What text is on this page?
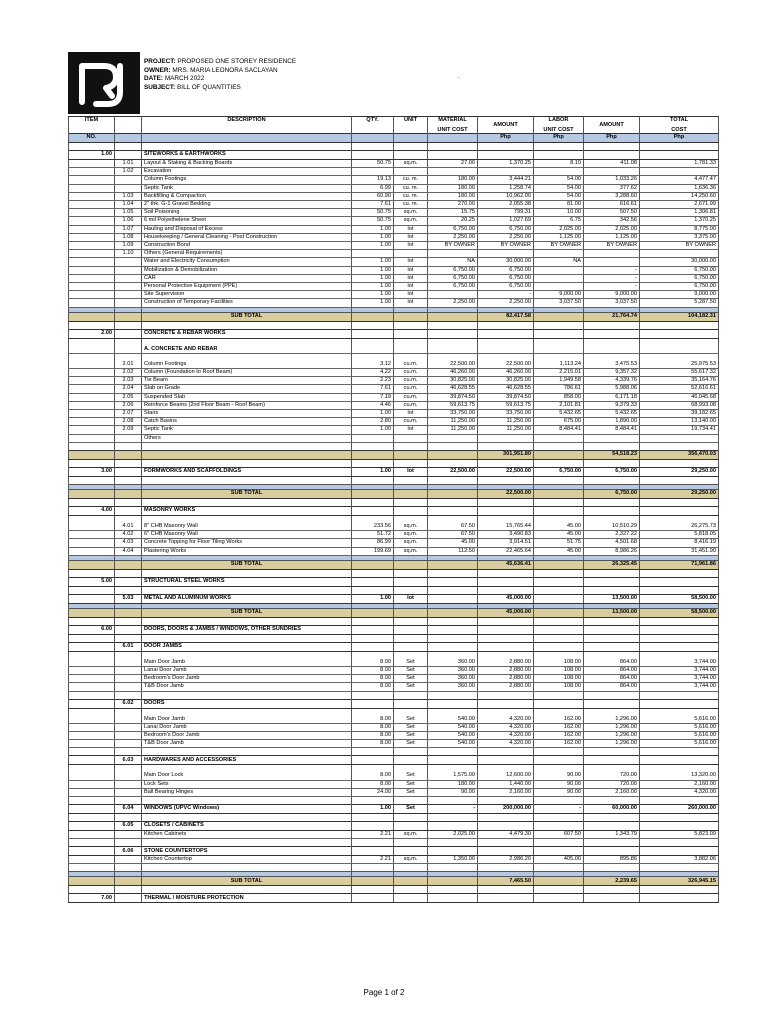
PROJECT: PROPOSED ONE STOREY RESIDENCE
OWNER: MRS. MARIA LEONORA SACLAYAN
DATE: MARCH 2022
SUBJECT: BILL OF QUANTITIES
.
ITEM		DESCRIPTION	QTY.	UNIT	MATERIAL	AMOUNT	LABOR	AMOUNT	TOTAL
					UNIT COST		UNIT COST		COST
NO.						Php	Php	Php	Php

1.00		SITEWORKS & EARTHWORKS							
	1.01	Layout & Staking & Backing Boards	50.75	sq.m.	27.00	1,370.25	8.10	411.08	1,781.33
	1.02	Excavation							
		Column Footings	19.13	cu. m.	180.00	3,444.21	54.00	1,033.26	4,477.47
		Septic Tank	6.99	cu. m.	180.00	1,258.74	54.00	377.62	1,636.36
	1.03	Backfilling & Compaction	60.90	cu. m.	180.00	10,962.00	54.00	3,288.60	14,250.60
	1.04	2" thk. G-1 Gravel Bedding	7.61	cu. m.	270.00	2,055.38	81.00	616.61	2,671.99
	1.05	Soil Poisoning	50.75	sq.m.	15.75	799.31	10.00	507.50	1,306.81
	1.06	6 mil Polyethelene Sheet	50.75	sq.m.	20.25	1,027.69	6.75	342.56	1,370.25
	1.07	Hauling and Disposal of Excess	1.00	lot	6,750.00	6,750.00	2,025.00	2,025.00	8,775.00
	1.08	Housekeeping / General Cleaning - Post Construction	1.00	lot	2,250.00	2,250.00	1,125.00	1,125.00	3,375.00
	1.09	Construction Bond	1.00	lot	BY OWNER	BY OWNER	BY OWNER	BY OWNER	BY OWNER
	1.10	Others (General Requirements)							
		Water and Electricity Consumption	1.00	lot	NA	30,000.00	NA		30,000.00
		Mobilization & Demobilization	1.00	lot	6,750.00	6,750.00		-	6,750.00
		CAR	1.00	lot	6,750.00	6,750.00		-	6,750.00
		Personal Protective Equipment (PPE)	1.00	lot	6,750.00	6,750.00		-	6,750.00
		Site Supervision	1.00	lot		-	9,000.00	9,000.00	9,000.00
		Construction of Temporary Facilities	1.00	lot	2,250.00	2,250.00	3,037.50	3,037.50	5,287.50

		SUB TOTAL				82,417.58		21,764.74	104,182.31

2.00		CONCRETE & REBAR WORKS							

		A. CONCRETE AND REBAR							

	2.01	Column Footings	3.12	cu.m.	22,500.00	22,500.00	1,113.24	3,475.53	25,975.53
	2.02	Column (Foundation to Roof Beam)	4.22	cu.m.	46,260.00	46,260.00	2,215.01	9,357.32	55,617.32
	2.03	Tie Beam	2.23	cu.m.	30,825.00	30,825.00	1,949.58	4,339.76	35,164.76
	2.04	Slab on Grade	7.61	cu.m.	46,628.55	46,628.55	786.61	5,988.06	52,616.61
	2.05	Suspended Slab	7.19	cu.m.	39,874.50	39,874.50	858.00	6,171.18	46,045.68
	2.06	Reinforce Beams (2nd Floor Beam - Roof Beam)	4.46	cu.m.	59,613.75	59,613.75	2,101.81	9,379.33	68,993.08
	2.07	Stairs	1.00	lot	33,750.00	33,750.00	5,432.65	5,432.65	39,182.65
	2.08	Catch Basins	2.80	cu.m.	11,250.00	11,250.00	675.00	1,890.00	13,140.00
	2.09	Septic Tank	1.00	lot	11,250.00	11,250.00	8,484.41	8,484.41	19,734.41
		Others							

						301,951.80		54,518.23	356,470.03

3.00		FORMWORKS AND SCAFFOLDINGS	1.00	lot	22,500.00	22,500.00	6,750.00	6,750.00	29,250.00

		SUB TOTAL				22,500.00		6,750.00	29,250.00

4.00		MASONRY WORKS							

	4.01	8" CHB Masonry Wall	233.56	sq.m.	67.50	15,765.44	45.00	10,510.29	26,275.73
	4.02	6" CHB Masonry Wall	51.72	sq.m.	67.50	3,490.83	45.00	2,327.22	5,818.05
	4.03	Concrete Topping for Floor Tiling Works	86.99	sq.m.	45.00	3,914.51	51.75	4,501.68	8,416.19
	4.04	Plastering Works	199.69	sq.m.	112.50	22,465.64	45.00	8,986.26	31,451.90

		SUB TOTAL				45,636.41		26,325.45	71,961.86

5.00		STRUCTURAL STEEL WORKS							

	5.03	METAL AND ALUMINUM WORKS	1.00	lot		45,000.00		13,500.00	58,500.00

		SUB TOTAL				45,000.00		13,500.00	58,500.00

6.00		DOORS, DOORS & JAMBS / WINDOWS, OTHER SUNDRIES							

	6.01	DOOR JAMBS							

		Main Door Jamb	8.00	Set	360.00	2,880.00	108.00	864.00	3,744.00
		Lanai Door Jamb	8.00	Set	360.00	2,880.00	108.00	864.00	3,744.00
		Bedroom's Door Jamb	8.00	Set	360.00	2,880.00	108.00	864.00	3,744.00
		T&B Door Jamb	8.00	Set	360.00	2,880.00	108.00	864.00	3,744.00

	6.02	DOORS							

		Main Door Jamb	8.00	Set	540.00	4,320.00	162.00	1,296.00	5,616.00
		Lanai Door Jamb	8.00	Set	540.00	4,320.00	162.00	1,296.00	5,616.00
		Bedroom's Door Jamb	8.00	Set	540.00	4,320.00	162.00	1,296.00	5,616.00
		T&B Door Jamb	8.00	Set	540.00	4,320.00	162.00	1,296.00	5,616.00

	6.03	HARDWARES AND ACCESSORIES							

		Main Door Lock	8.00	Set	1,575.00	12,600.00	90.00	720.00	13,320.00
		Lock Sets	8.00	Set	180.00	1,440.00	90.00	720.00	2,160.00
		Ball Bearing Hinges	24.00	Set	90.00	2,160.00	90.00	2,160.00	4,320.00

	6.04	WINDOWS (UPVC Windows)	1.00	Set	-	200,000.00	-	60,000.00	260,000.00

	6.05	CLOSETS / CABINETS							
		Kitchen Cabinets	2.21	sq.m.	2,025.00	4,479.30	607.50	1,343.79	5,823.09

	6.06	STONE COUNTERTOPS							
		Kitchen Countertop	2.21	sq.m.	1,350.00	2,986.20	405.00	895.86	3,882.06

		SUB TOTAL				7,465.50		2,239.65	326,945.15

7.00		THERMAL / MOISTURE PROTECTION							
Page 1 of 2
